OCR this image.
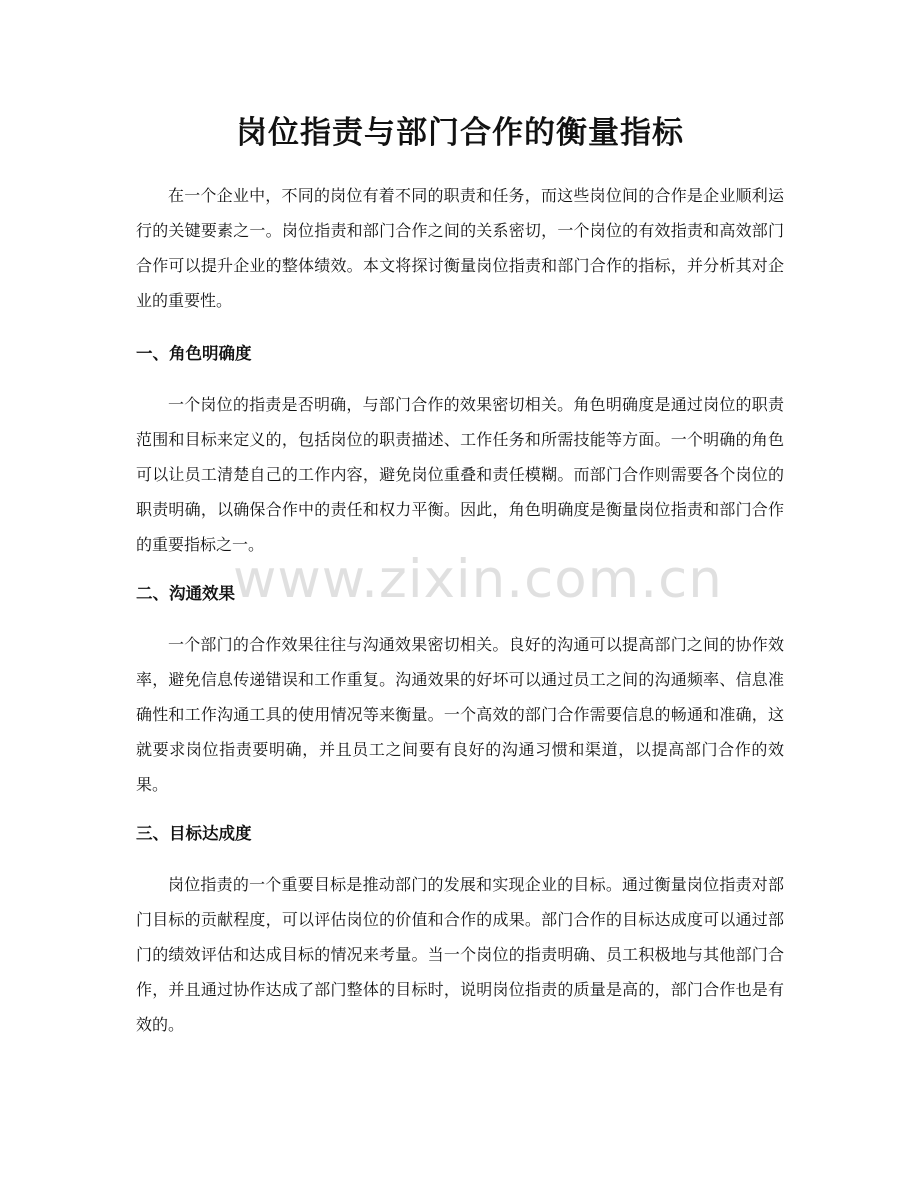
岗位指责与部门合作的衡量指标

在一个企业中，不同的岗位有着不同的职责和任务，而这些岗位间的合作是企业顺利运行的关键要素之一。岗位指责和部门合作之间的关系密切，一个岗位的有效指责和高效部门合作可以提升企业的整体绩效。本文将探讨衡量岗位指责和部门合作的指标，并分析其对企业的重要性。

一、角色明确度

一个岗位的指责是否明确，与部门合作的效果密切相关。角色明确度是通过岗位的职责范围和目标来定义的，包括岗位的职责描述、工作任务和所需技能等方面。一个明确的角色可以让员工清楚自己的工作内容，避免岗位重叠和责任模糊。而部门合作则需要各个岗位的职责明确，以确保合作中的责任和权力平衡。因此，角色明确度是衡量岗位指责和部门合作的重要指标之一。

二、沟通效果

一个部门的合作效果往往与沟通效果密切相关。良好的沟通可以提高部门之间的协作效率，避免信息传递错误和工作重复。沟通效果的好坏可以通过员工之间的沟通频率、信息准确性和工作沟通工具的使用情况等来衡量。一个高效的部门合作需要信息的畅通和准确，这就要求岗位指责要明确，并且员工之间要有良好的沟通习惯和渠道，以提高部门合作的效果。

三、目标达成度

岗位指责的一个重要目标是推动部门的发展和实现企业的目标。通过衡量岗位指责对部门目标的贡献程度，可以评估岗位的价值和合作的成果。部门合作的目标达成度可以通过部门的绩效评估和达成目标的情况来考量。当一个岗位的指责明确、员工积极地与其他部门合作，并且通过协作达成了部门整体的目标时，说明岗位指责的质量是高的，部门合作也是有效的。

www.zixin.com.cn
